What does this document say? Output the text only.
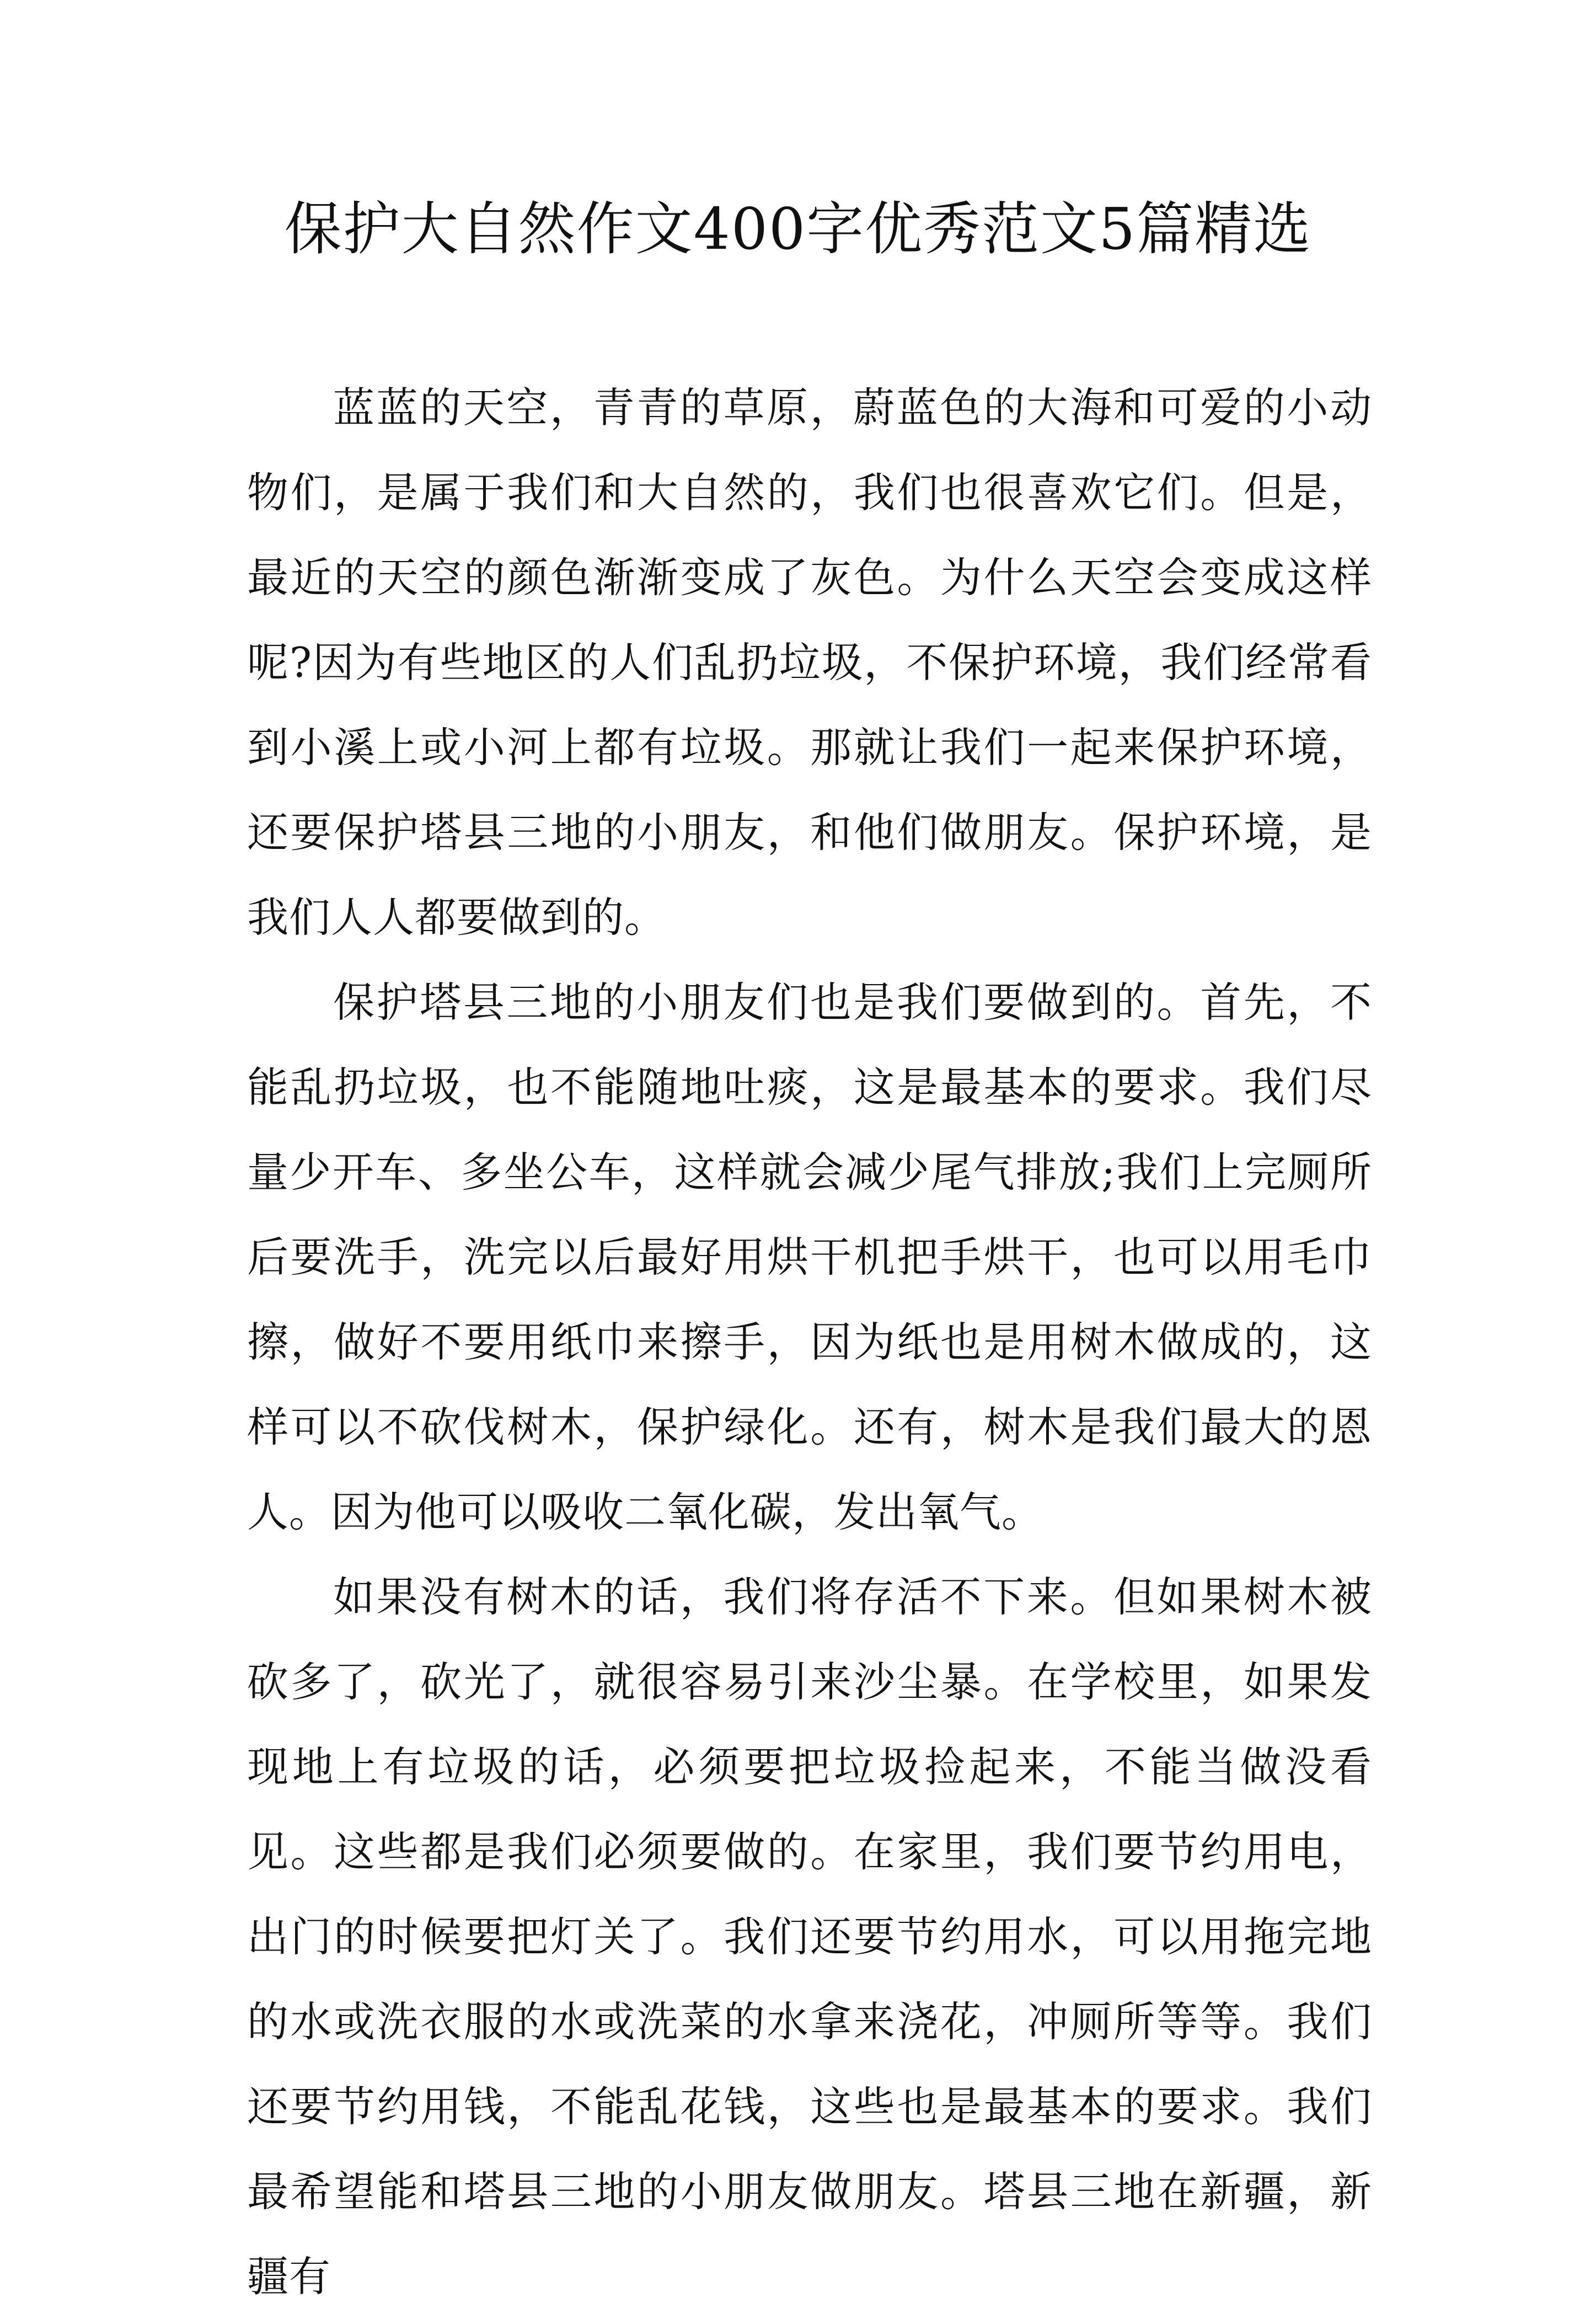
保护大自然作文400字优秀范文5篇精选

蓝蓝的天空，青青的草原，蔚蓝色的大海和可爱的小动物们，是属于我们和大自然的，我们也很喜欢它们。但是，最近的天空的颜色渐渐变成了灰色。为什么天空会变成这样呢?因为有些地区的人们乱扔垃圾，不保护环境，我们经常看到小溪上或小河上都有垃圾。那就让我们一起来保护环境，还要保护塔县三地的小朋友，和他们做朋友。保护环境，是我们人人都要做到的。

保护塔县三地的小朋友们也是我们要做到的。首先，不能乱扔垃圾，也不能随地吐痰，这是最基本的要求。我们尽量少开车、多坐公车，这样就会减少尾气排放;我们上完厕所后要洗手，洗完以后最好用烘干机把手烘干，也可以用毛巾擦，做好不要用纸巾来擦手，因为纸也是用树木做成的，这样可以不砍伐树木，保护绿化。还有，树木是我们最大的恩人。因为他可以吸收二氧化碳，发出氧气。

如果没有树木的话，我们将存活不下来。但如果树木被砍多了，砍光了，就很容易引来沙尘暴。在学校里，如果发现地上有垃圾的话，必须要把垃圾捡起来，不能当做没看见。这些都是我们必须要做的。在家里，我们要节约用电，出门的时候要把灯关了。我们还要节约用水，可以用拖完地的水或洗衣服的水或洗菜的水拿来浇花，冲厕所等等。我们还要节约用钱，不能乱花钱，这些也是最基本的要求。我们最希望能和塔县三地的小朋友做朋友。塔县三地在新疆，新疆有
